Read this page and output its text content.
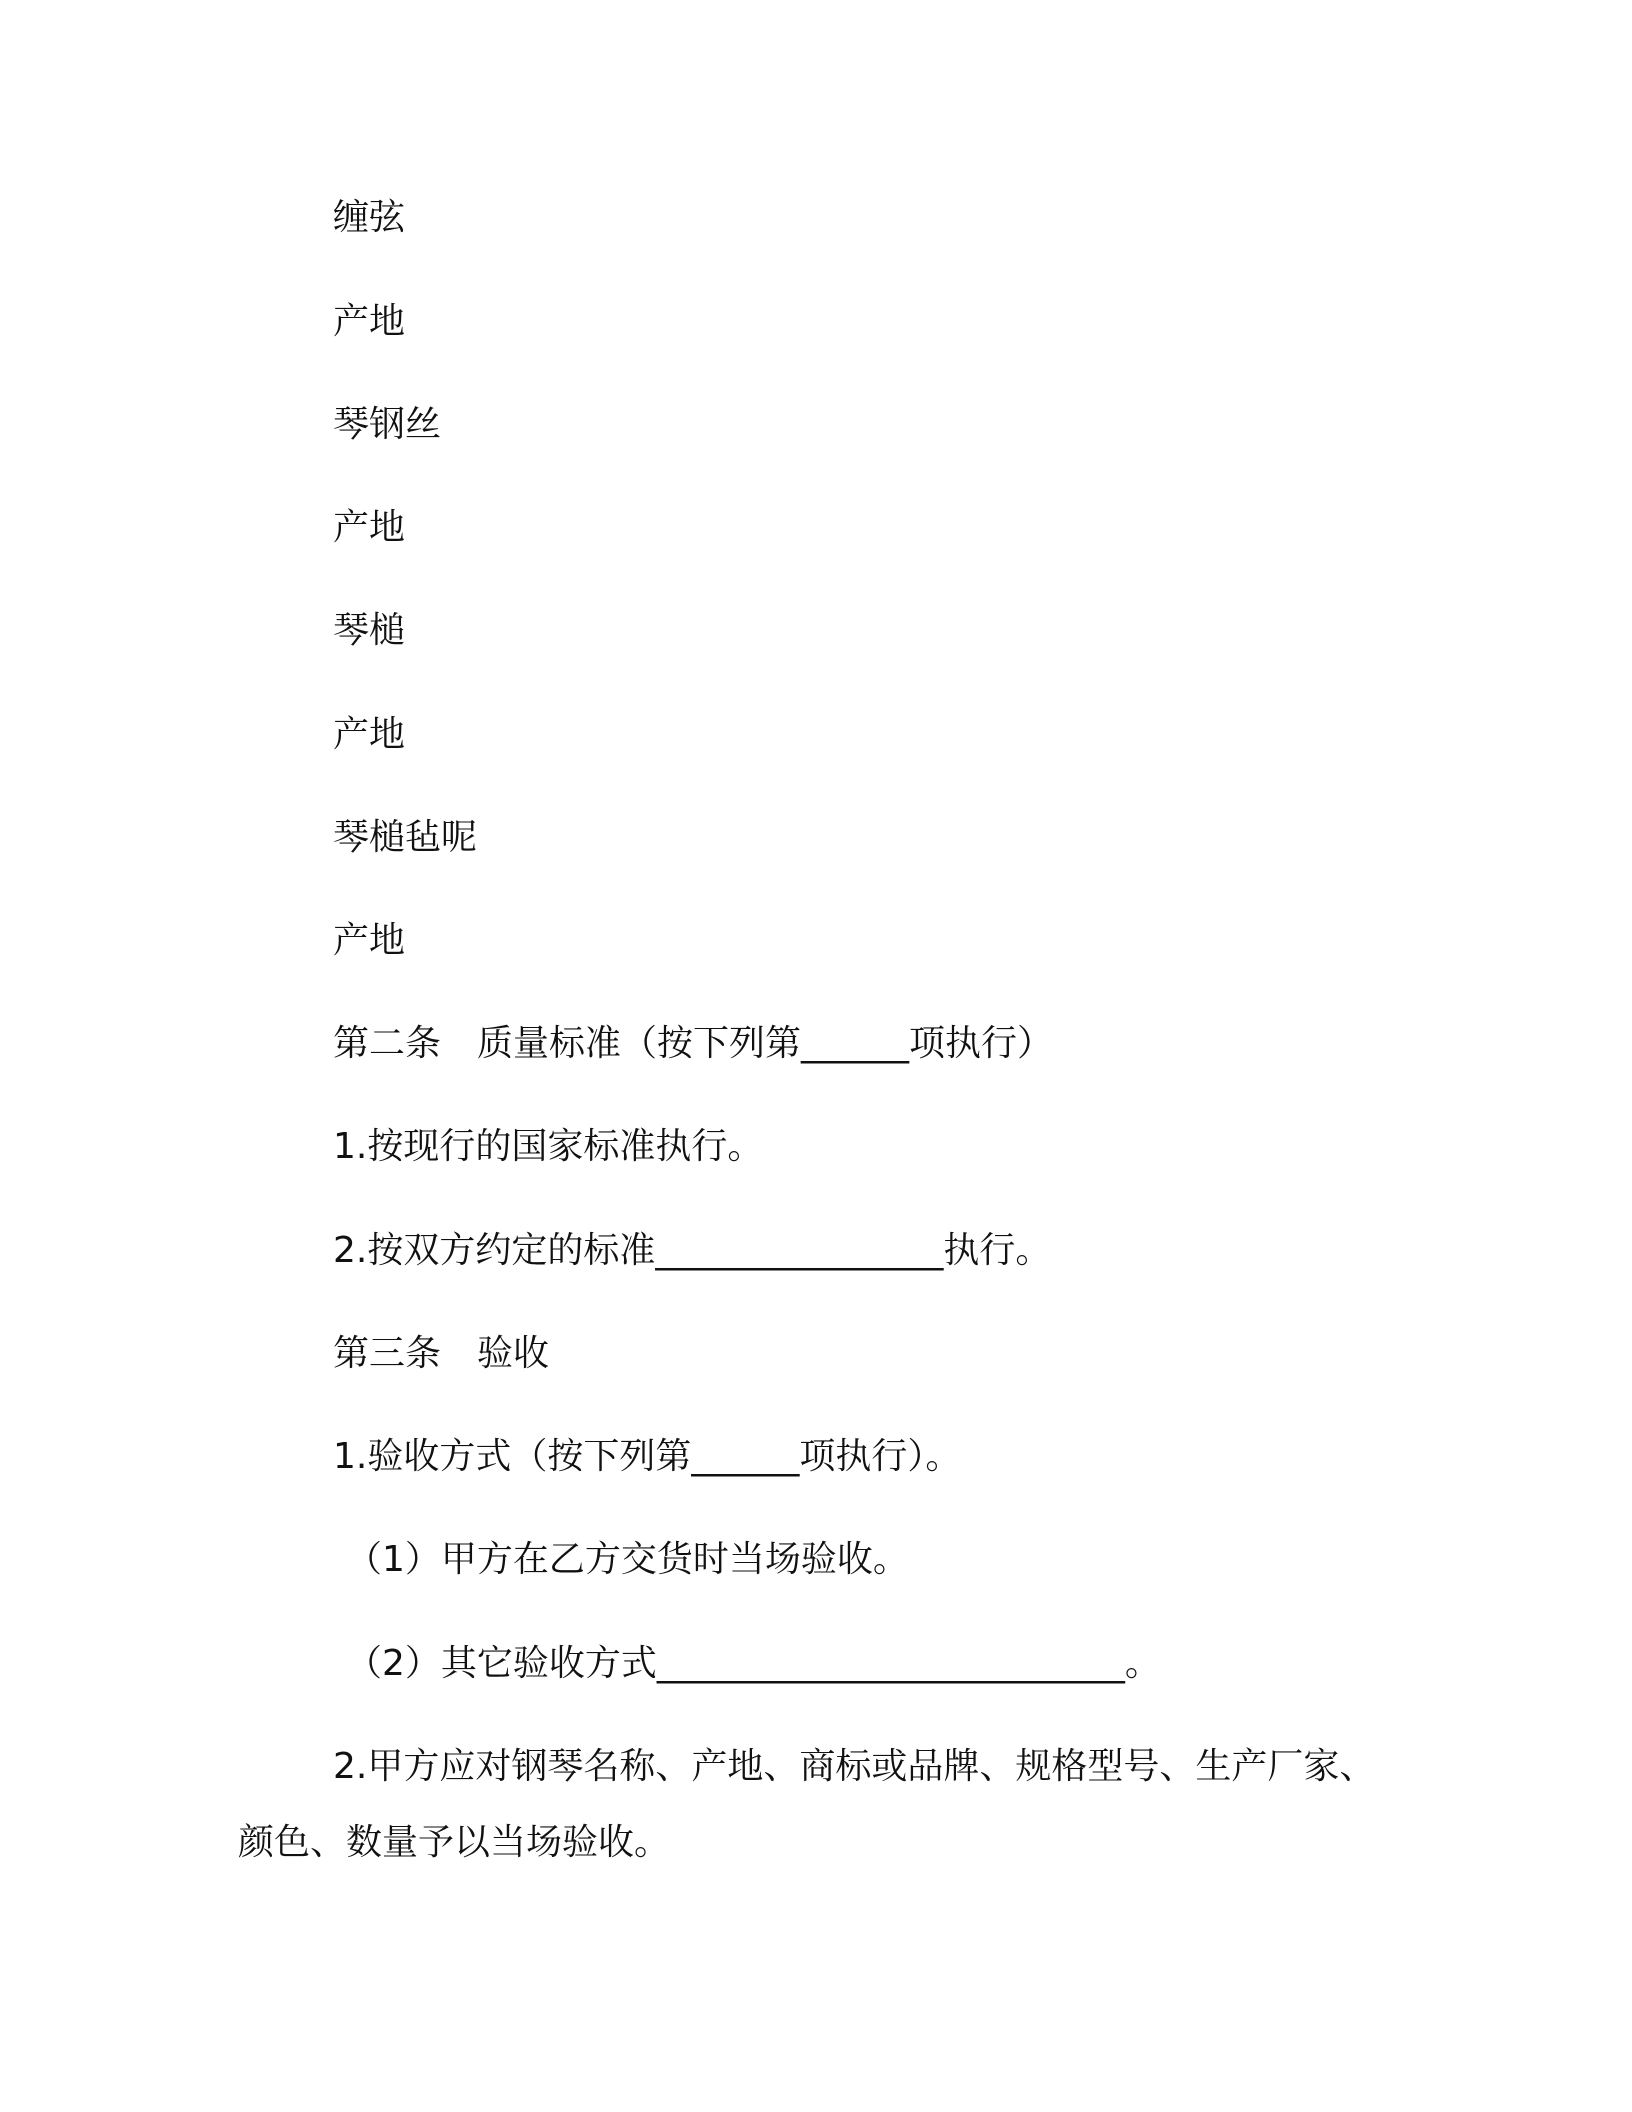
缠弦
产地
琴钢丝
产地
琴槌
产地
琴槌毡呢
产地
第二条　质量标准（按下列第______项执行）
1.按现行的国家标准执行。
2.按双方约定的标准________________执行。
第三条　验收
1.验收方式（按下列第______项执行）。
（1）甲方在乙方交货时当场验收。
（2）其它验收方式__________________________。
2.甲方应对钢琴名称、产地、商标或品牌、规格型号、生产厂家、
颜色、数量予以当场验收。
